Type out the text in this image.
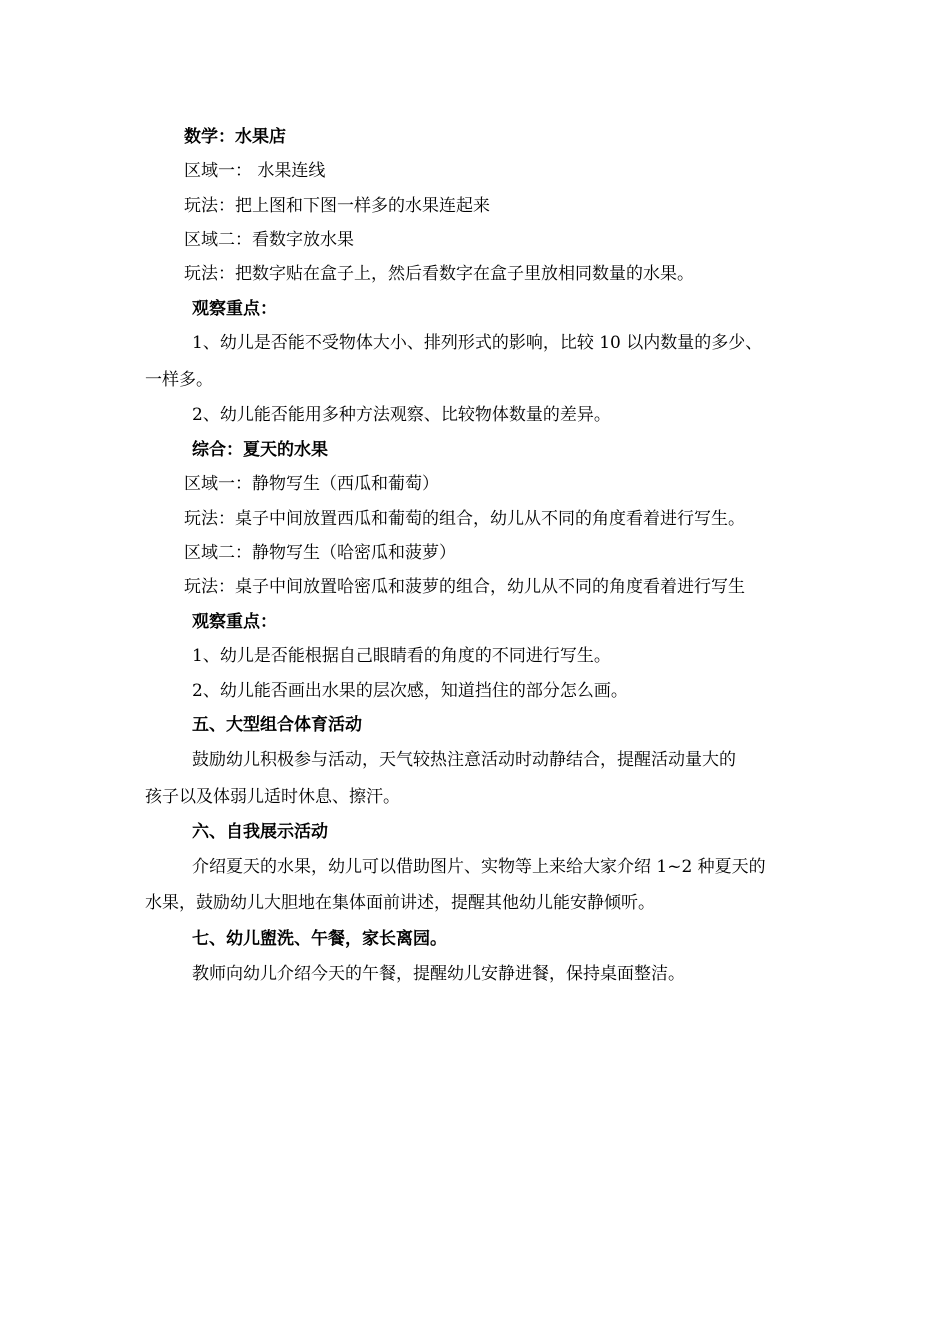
数学：水果店
区域一： 水果连线
玩法：把上图和下图一样多的水果连起来
区域二：看数字放水果
玩法：把数字贴在盒子上，然后看数字在盒子里放相同数量的水果。
观察重点：
1、幼儿是否能不受物体大小、排列形式的影响，比较 10 以内数量的多少、
一样多。
2、幼儿能否能用多种方法观察、比较物体数量的差异。
综合：夏天的水果
区域一：静物写生（西瓜和葡萄）
玩法：桌子中间放置西瓜和葡萄的组合，幼儿从不同的角度看着进行写生。
区域二：静物写生（哈密瓜和菠萝）
玩法：桌子中间放置哈密瓜和菠萝的组合，幼儿从不同的角度看着进行写生
观察重点：
1、幼儿是否能根据自己眼睛看的角度的不同进行写生。
2、幼儿能否画出水果的层次感，知道挡住的部分怎么画。
五、大型组合体育活动
鼓励幼儿积极参与活动，天气较热注意活动时动静结合，提醒活动量大的
孩子以及体弱儿适时休息、擦汗。
六、自我展示活动
介绍夏天的水果，幼儿可以借助图片、实物等上来给大家介绍 1~2 种夏天的
水果，鼓励幼儿大胆地在集体面前讲述，提醒其他幼儿能安静倾听。
七、幼儿盥洗、午餐，家长离园。
教师向幼儿介绍今天的午餐，提醒幼儿安静进餐，保持桌面整洁。
